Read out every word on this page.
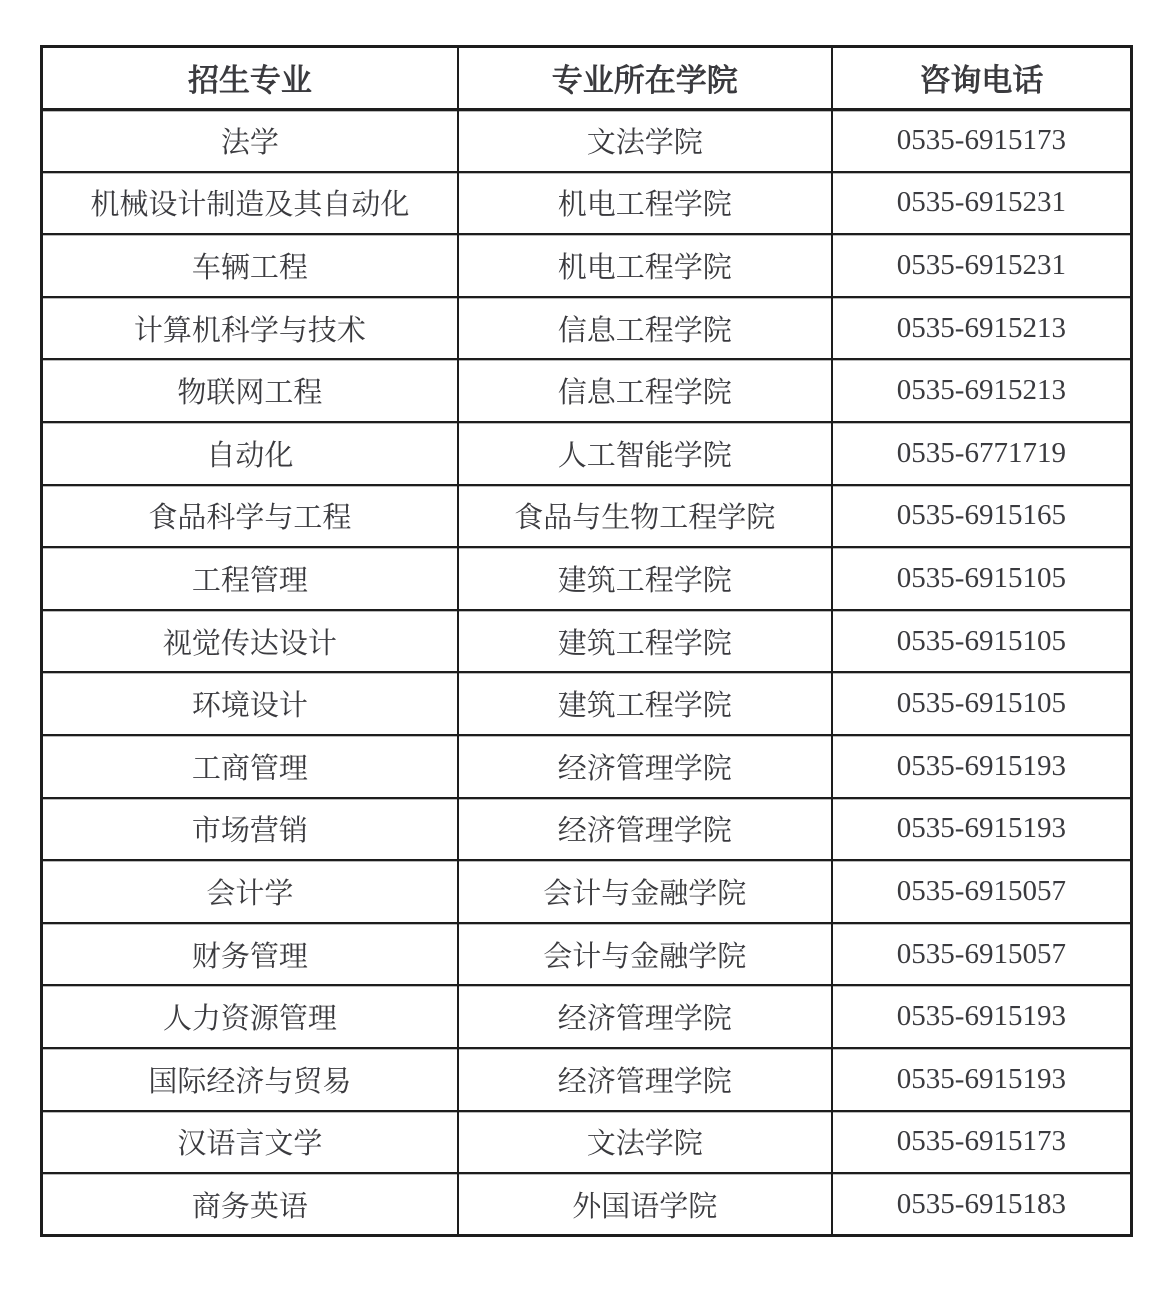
招生专业	专业所在学院	咨询电话
法学	文法学院	0535-6915173
机械设计制造及其自动化	机电工程学院	0535-6915231
车辆工程	机电工程学院	0535-6915231
计算机科学与技术	信息工程学院	0535-6915213
物联网工程	信息工程学院	0535-6915213
自动化	人工智能学院	0535-6771719
食品科学与工程	食品与生物工程学院	0535-6915165
工程管理	建筑工程学院	0535-6915105
视觉传达设计	建筑工程学院	0535-6915105
环境设计	建筑工程学院	0535-6915105
工商管理	经济管理学院	0535-6915193
市场营销	经济管理学院	0535-6915193
会计学	会计与金融学院	0535-6915057
财务管理	会计与金融学院	0535-6915057
人力资源管理	经济管理学院	0535-6915193
国际经济与贸易	经济管理学院	0535-6915193
汉语言文学	文法学院	0535-6915173
商务英语	外国语学院	0535-6915183
